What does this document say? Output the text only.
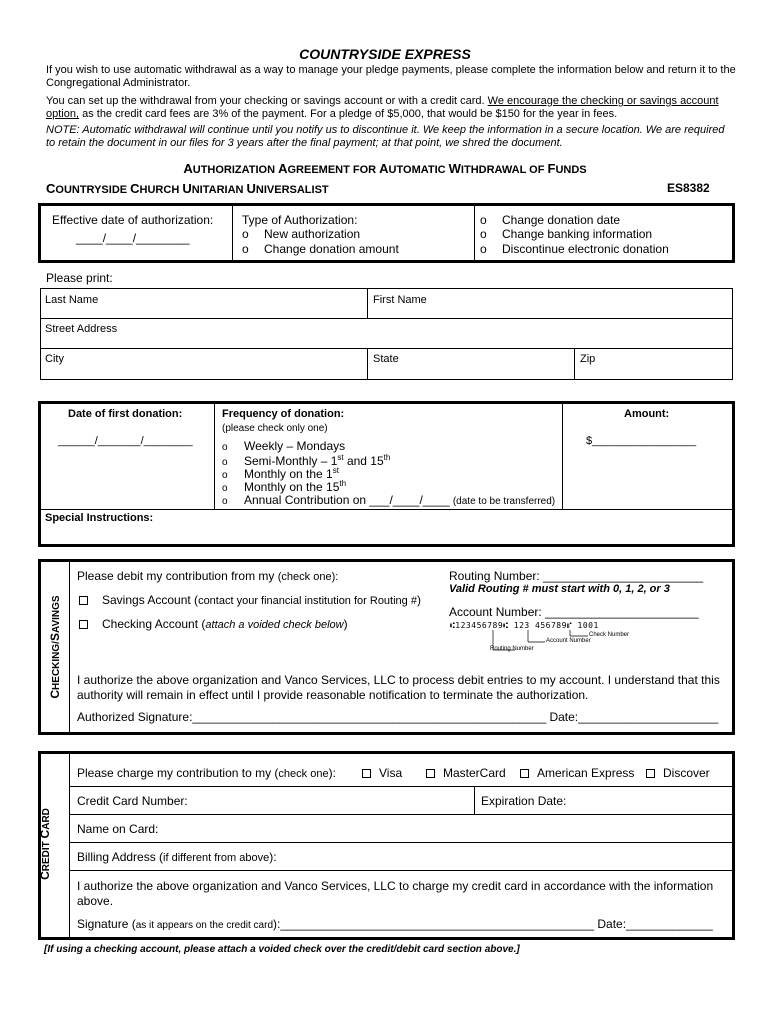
COUNTRYSIDE EXPRESS
If you wish to use automatic withdrawal as a way to manage your pledge payments, please complete the information below and return it to the Congregational Administrator.
You can set up the withdrawal from your checking or savings account or with a credit card. We encourage the checking or savings account option, as the credit card fees are 3% of the payment. For a pledge of $5,000, that would be $150 for the year in fees.
NOTE: Automatic withdrawal will continue until you notify us to discontinue it. We keep the information in a secure location. We are required to retain the document in our files for 3 years after the final payment; at that point, we shred the document.
AUTHORIZATION AGREEMENT FOR AUTOMATIC WITHDRAWAL OF FUNDS
COUNTRYSIDE CHURCH UNITARIAN UNIVERSALIST	ES8382
Effective date of authorization:
____/____/________
Type of Authorization:
o New authorization
o Change donation amount
o Change donation date
o Change banking information
o Discontinue electronic donation
Please print:
Last Name	First Name
Street Address
City	State	Zip
Date of first donation:
______/_______/________
Frequency of donation:
(please check only one)
o Weekly – Mondays
o Semi-Monthly – 1st and 15th
o Monthly on the 1st
o Monthly on the 15th
o Annual Contribution on ___/____/____ (date to be transferred)
Amount:
$_________________
Special Instructions:
CHECKING/SAVINGS
Please debit my contribution from my (check one):
Savings Account (contact your financial institution for Routing #)
Checking Account (attach a voided check below)
Routing Number: ________________________
Valid Routing # must start with 0, 1, 2, or 3
Account Number: _______________________
⑆123456789⑆ 123 456789⑈ 1001
Check Number
Account Number
Routing Number
I authorize the above organization and Vanco Services, LLC to process debit entries to my account. I understand that this authority will remain in effect until I provide reasonable notification to terminate the authorization.
Authorized Signature:_____________________________________________________ Date:_____________________
CREDIT CARD
Please charge my contribution to my (check one):	Visa	MasterCard	American Express	Discover
Credit Card Number:	Expiration Date:
Name on Card:
Billing Address (if different from above):
I authorize the above organization and Vanco Services, LLC to charge my credit card in accordance with the information above.
Signature (as it appears on the credit card):_______________________________________________ Date:_____________
[If using a checking account, please attach a voided check over the credit/debit card section above.]
